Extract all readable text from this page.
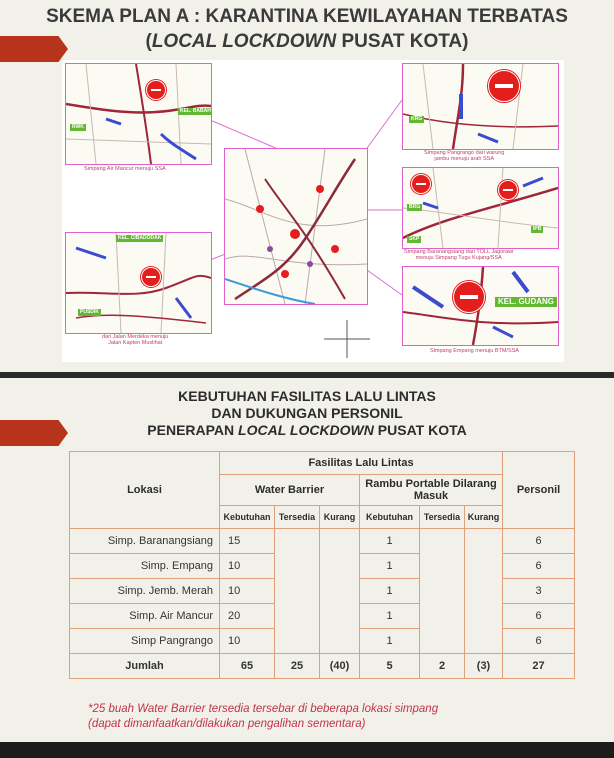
SKEMA PLAN A : KARANTINA KEWILAYAHAN TERBATAS
(LOCAL LOCKDOWN PUSAT KOTA)
KEL. BABAH
RWK
Simpang Air Mancur menuju SSA
KEL. CIBADODAK
PUSDIK
dari Jalan Merdeka menuju
Jalan Kapten Muslihat
KRG
Simpang Pangrango dari warung
jambu menuju arah SSA
BRG
SKP
IPB
Simpang Baranangsiang dari TOLL Jagorawi
menuju Simpang Tugu Kujang/SSA
KEL. GUDANG
Simpang Empang menuju BTM/SSA
KEBUTUHAN FASILITAS LALU LINTAS
DAN DUKUNGAN PERSONIL
PENERAPAN LOCAL LOCKDOWN PUSAT KOTA
Lokasi	Fasilitas Lalu Lintas						Personil
	Water Barrier			Rambu Portable Dilarang Masuk			
	Kebutuhan	Tersedia	Kurang	Kebutuhan	Tersedia	Kurang	
Simp. Baranangsiang	15			1			6
Simp. Empang	10			1			6
Simp. Jemb. Merah	10			1			3
Simp. Air Mancur	20			1			6
Simp Pangrango	10			1			6
Jumlah	65	25	(40)	5	2	(3)	27
*25 buah Water Barrier tersedia tersebar di beberapa lokasi simpang
(dapat dimanfaatkan/dilakukan pengalihan sementara)
